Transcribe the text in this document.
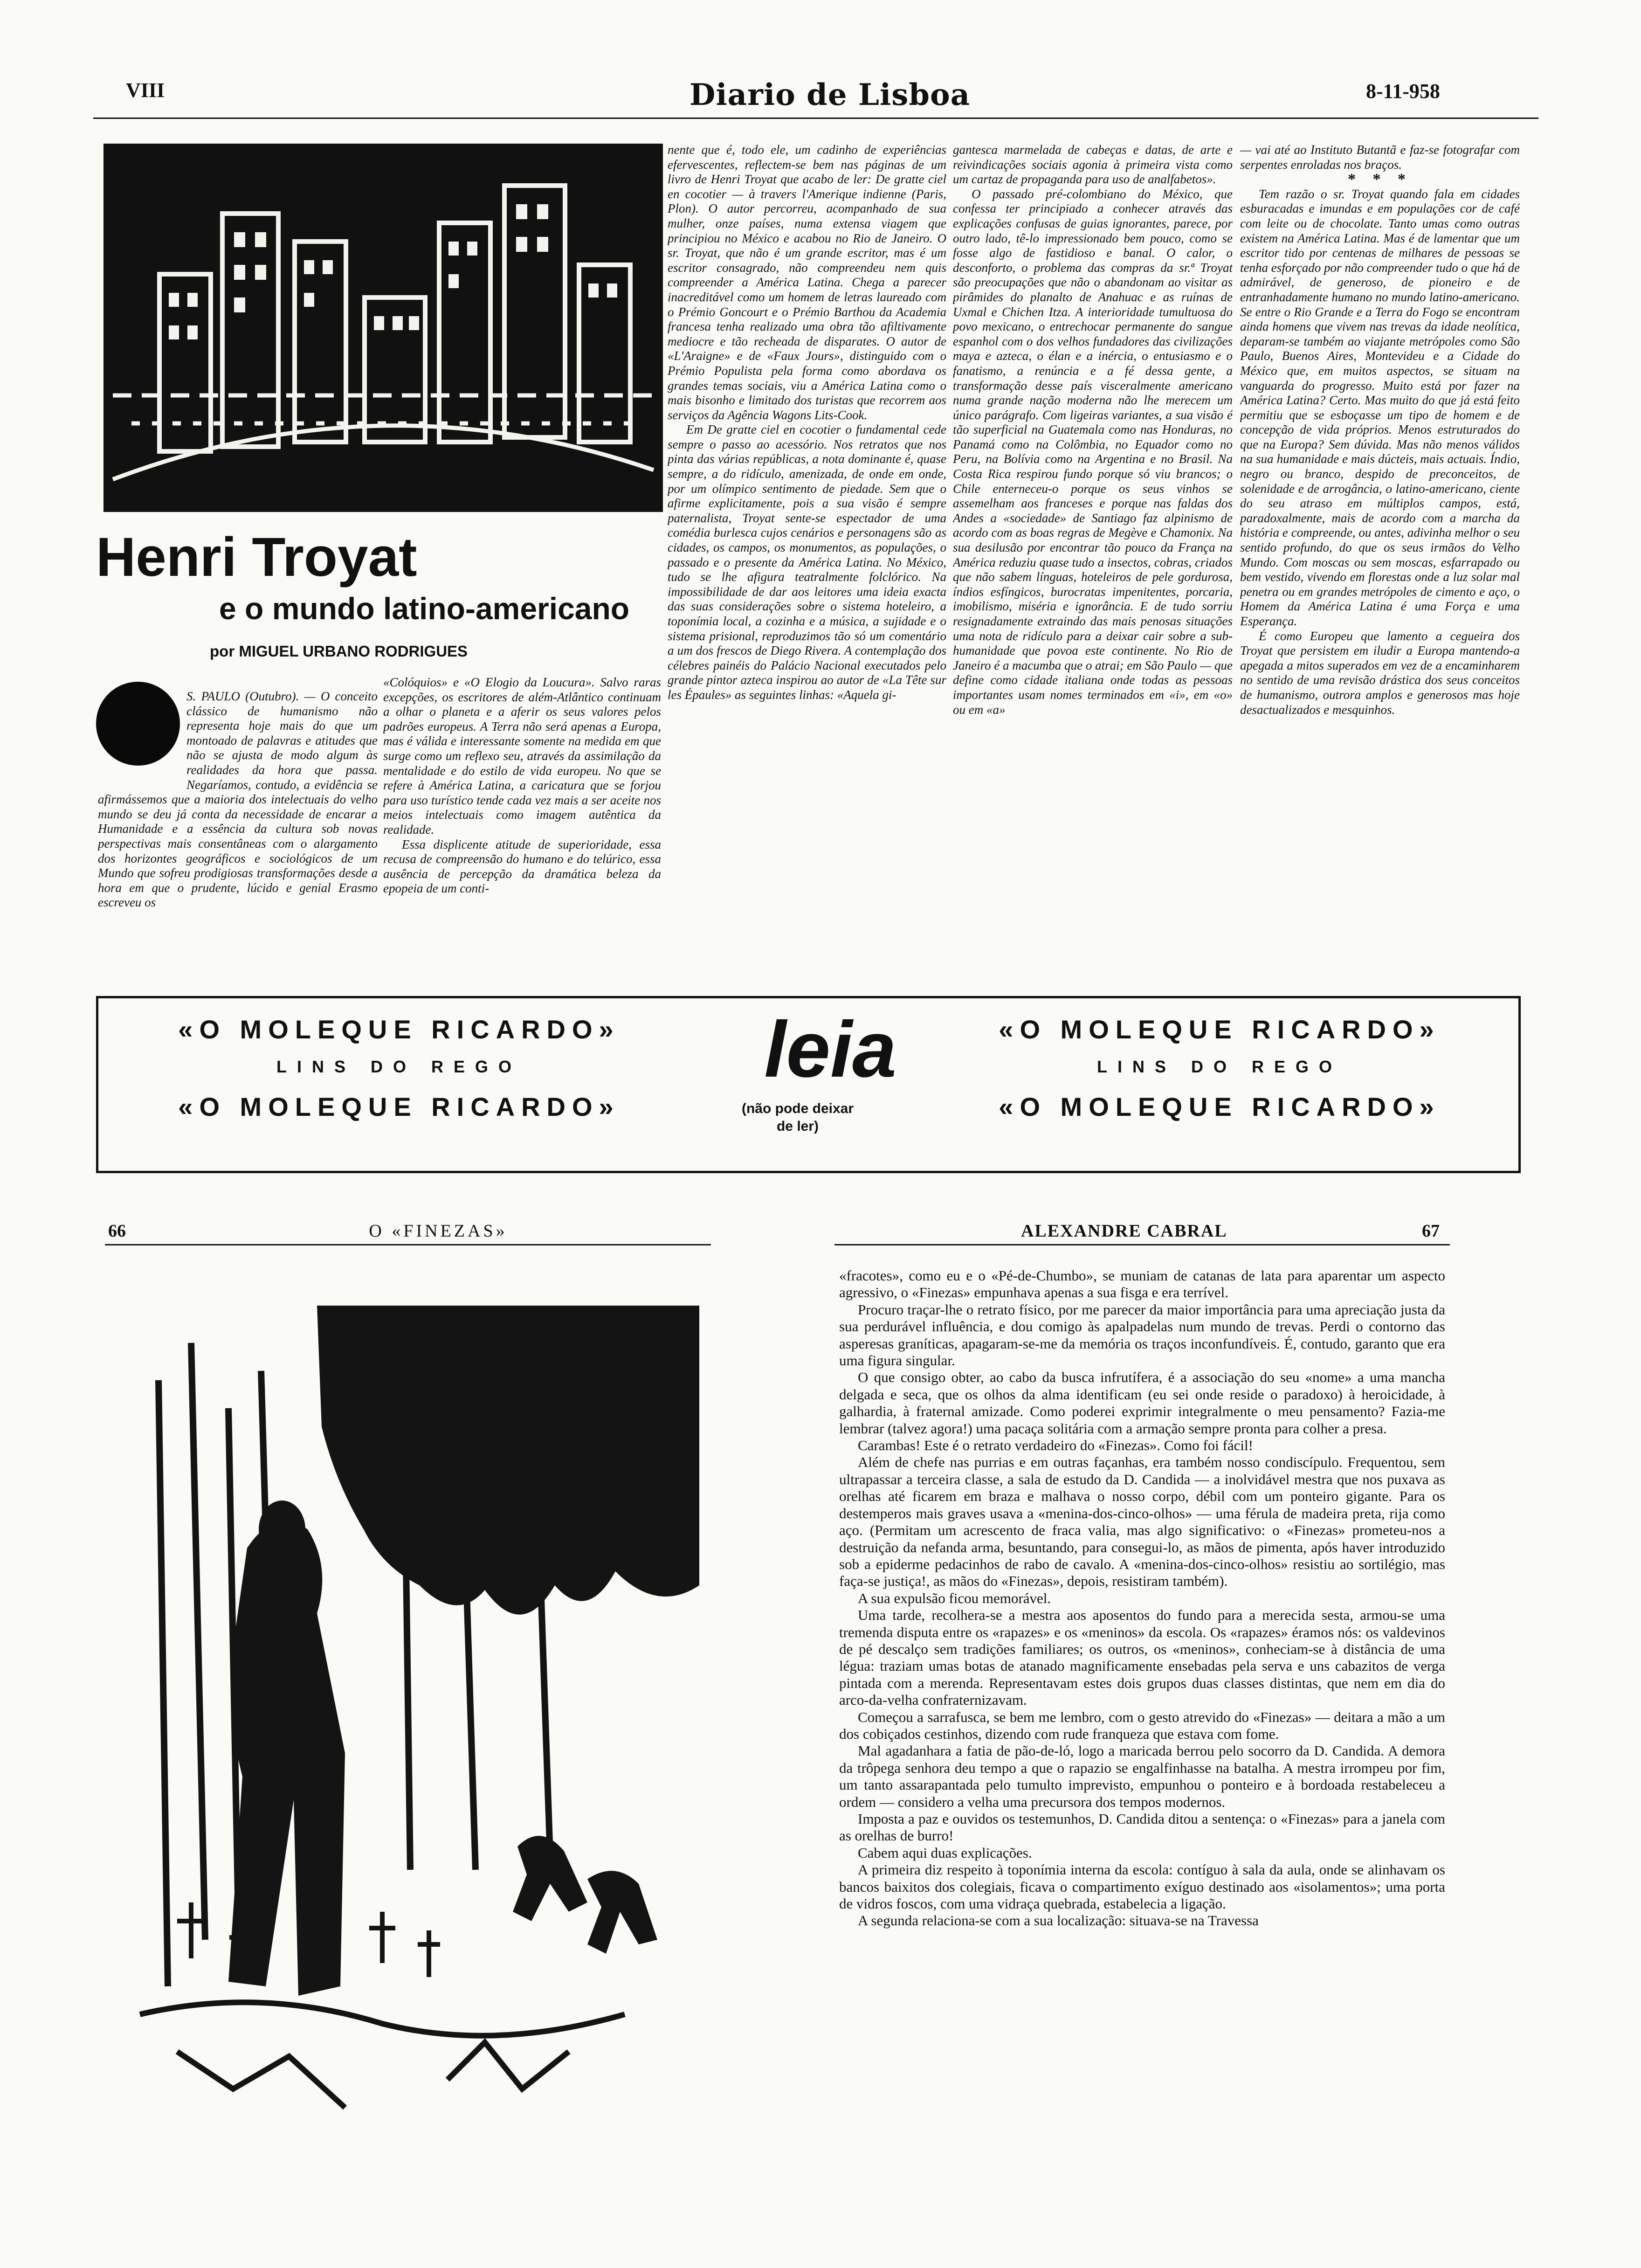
VIII	Diario de Lisboa	8-11-958
Henri Troyat
e o mundo latino-americano
por MIGUEL URBANO RODRIGUES

S. PAULO (Outubro). — O conceito clássico de humanismo não representa hoje mais do que um montoado de palavras e atitudes que não se ajusta de modo algum às realidades da hora que passa. Negaríamos, contudo, a evidência se afirmássemos que a maioria dos intelectuais do velho mundo se deu já conta da necessidade de encarar a Humanidade e a essência da cultura sob novas perspectivas mais consentâneas com o alargamento dos horizontes geográficos e sociológicos de um Mundo que sofreu prodigiosas transformações desde a hora em que o prudente, lúcido e genial Erasmo escreveu os

«Colóquios» e «O Elogio da Loucura». Salvo raras excepções, os escritores de além-Atlântico continuam a olhar o planeta e a aferir os seus valores pelos padrões europeus. A Terra não será apenas a Europa, mas é válida e interessante somente na medida em que surge como um reflexo seu, através da assimilação da mentalidade e do estilo de vida europeu. No que se refere à América Latina, a caricatura que se forjou para uso turístico tende cada vez mais a ser aceite nos meios intelectuais como imagem autêntica da realidade.

Essa displicente atitude de superioridade, essa recusa de compreensão do humano e do telúrico, essa ausência de percepção da dramática beleza da epopeia de um conti-

nente que é, todo ele, um cadinho de experiências efervescentes, reflectem-se bem nas páginas de um livro de Henri Troyat que acabo de ler: De gratte ciel en cocotier — à travers l'Amerique indienne (Paris, Plon). O autor percorreu, acompanhado de sua mulher, onze países, numa extensa viagem que principiou no México e acabou no Rio de Janeiro. O sr. Troyat, que não é um grande escritor, mas é um escritor consagrado, não compreendeu nem quis compreender a América Latina. Chega a parecer inacreditável como um homem de letras laureado com o Prémio Goncourt e o Prémio Barthou da Academia francesa tenha realizado uma obra tão afiltivamente mediocre e tão recheada de disparates. O autor de «L'Araigne» e de «Faux Jours», distinguido com o Prémio Populista pela forma como abordava os grandes temas sociais, viu a América Latina como o mais bisonho e limitado dos turistas que recorrem aos serviços da Agência Wagons Lits-Cook.

Em De gratte ciel en cocotier o fundamental cede sempre o passo ao acessório. Nos retratos que nos pinta das várias repúblicas, a nota dominante é, quase sempre, a do ridículo, amenizada, de onde em onde, por um olímpico sentimento de piedade. Sem que o afirme explicitamente, pois a sua visão é sempre paternalista, Troyat sente-se espectador de uma comédia burlesca cujos cenários e personagens são as cidades, os campos, os monumentos, as populações, o passado e o presente da América Latina. No México, tudo se lhe afigura teatralmente folclórico. Na impossibilidade de dar aos leitores uma ideia exacta das suas considerações sobre o sistema hoteleiro, a toponímia local, a cozinha e a música, a sujidade e o sistema prisional, reproduzimos tão só um comentário a um dos frescos de Diego Rivera. A contemplação dos célebres painéis do Palácio Nacional executados pelo grande pintor azteca inspirou ao autor de «La Tête sur les Épaules» as seguintes linhas: «Aquela gi-

gantesca marmelada de cabeças e datas, de arte e reivindicações sociais agonia à primeira vista como um cartaz de propaganda para uso de analfabetos».

O passado pré-colombiano do México, que confessa ter principiado a conhecer através das explicações confusas de guias ignorantes, parece, por outro lado, tê-lo impressionado bem pouco, como se fosse algo de fastidioso e banal. O calor, o desconforto, o problema das compras da sr.ª Troyat são preocupações que não o abandonam ao visitar as pirâmides do planalto de Anahuac e as ruínas de Uxmal e Chichen Itza. A interioridade tumultuosa do povo mexicano, o entrechocar permanente do sangue espanhol com o dos velhos fundadores das civilizações maya e azteca, o élan e a inércia, o entusiasmo e o fanatismo, a renúncia e a fé dessa gente, a transformação desse país visceralmente americano numa grande nação moderna não lhe merecem um único parágrafo. Com ligeiras variantes, a sua visão é tão superficial na Guatemala como nas Honduras, no Panamá como na Colômbia, no Equador como no Peru, na Bolívia como na Argentina e no Brasil. Na Costa Rica respirou fundo porque só viu brancos; o Chile enterneceu-o porque os seus vinhos se assemelham aos franceses e porque nas faldas dos Andes a «sociedade» de Santiago faz alpinismo de acordo com as boas regras de Megève e Chamonix. Na sua desilusão por encontrar tão pouco da França na América reduziu quase tudo a insectos, cobras, criados que não sabem línguas, hoteleiros de pele gordurosa, índios esfíngicos, burocratas impenitentes, porcaria, imobilismo, miséria e ignorância. E de tudo sorriu resignadamente extraindo das mais penosas situações uma nota de ridículo para a deixar cair sobre a sub-humanidade que povoa este continente. No Rio de Janeiro é a macumba que o atrai; em São Paulo — que define como cidade italiana onde todas as pessoas importantes usam nomes terminados em «i», em «o» ou em «a»

— vai até ao Instituto Butantã e faz-se fotografar com serpentes enroladas nos braços.

* * *

Tem razão o sr. Troyat quando fala em cidades esburacadas e imundas e em populações cor de café com leite ou de chocolate. Tanto umas como outras existem na América Latina. Mas é de lamentar que um escritor tido por centenas de milhares de pessoas se tenha esforçado por não compreender tudo o que há de admirável, de generoso, de pioneiro e de entranhadamente humano no mundo latino-americano. Se entre o Rio Grande e a Terra do Fogo se encontram ainda homens que vivem nas trevas da idade neolítica, deparam-se também ao viajante metrópoles como São Paulo, Buenos Aires, Montevideu e a Cidade do México que, em muitos aspectos, se situam na vanguarda do progresso. Muito está por fazer na América Latina? Certo. Mas muito do que já está feito permitiu que se esboçasse um tipo de homem e de concepção de vida próprios. Menos estruturados do que na Europa? Sem dúvida. Mas não menos válidos na sua humanidade e mais dúcteis, mais actuais. Índio, negro ou branco, despido de preconceitos, de solenidade e de arrogância, o latino-americano, ciente do seu atraso em múltiplos campos, está, paradoxalmente, mais de acordo com a marcha da história e compreende, ou antes, adivinha melhor o seu sentido profundo, do que os seus irmãos do Velho Mundo. Com moscas ou sem moscas, esfarrapado ou bem vestido, vivendo em florestas onde a luz solar mal penetra ou em grandes metrópoles de cimento e aço, o Homem da América Latina é uma Força e uma Esperança.

É como Europeu que lamento a cegueira dos Troyat que persistem em iludir a Europa mantendo-a apegada a mitos superados em vez de a encaminharem no sentido de uma revisão drástica dos seus conceitos de humanismo, outrora amplos e generosos mas hoje desactualizados e mesquinhos.

«O MOLEQUE RICARDO»
LINS DO REGO
«O MOLEQUE RICARDO»
leia
(não pode deixar de ler)
«O MOLEQUE RICARDO»
LINS DO REGO
«O MOLEQUE RICARDO»
66	O «FINEZAS»	ALEXANDRE CABRAL	67

«fracotes», como eu e o «Pé-de-Chumbo», se muniam de catanas de lata para aparentar um aspecto agressivo, o «Finezas» empunhava apenas a sua fisga e era terrível.

Procuro traçar-lhe o retrato físico, por me parecer da maior importância para uma apreciação justa da sua perdurável influência, e dou comigo às apalpadelas num mundo de trevas. Perdi o contorno das asperesas graníticas, apagaram-se-me da memória os traços inconfundíveis. É, contudo, garanto que era uma figura singular.

O que consigo obter, ao cabo da busca infrutífera, é a associação do seu «nome» a uma mancha delgada e seca, que os olhos da alma identificam (eu sei onde reside o paradoxo) à heroicidade, à galhardia, à fraternal amizade. Como poderei exprimir integralmente o meu pensamento? Fazia-me lembrar (talvez agora!) uma pacaça solitária com a armação sempre pronta para colher a presa.

Carambas! Este é o retrato verdadeiro do «Finezas». Como foi fácil!

Além de chefe nas purrias e em outras façanhas, era também nosso condiscípulo. Frequentou, sem ultrapassar a terceira classe, a sala de estudo da D. Candida — a inolvidável mestra que nos puxava as orelhas até ficarem em braza e malhava o nosso corpo, débil com um ponteiro gigante. Para os destemperos mais graves usava a «menina-dos-cinco-olhos» — uma férula de madeira preta, rija como aço. (Permitam um acrescento de fraca valia, mas algo significativo: o «Finezas» prometeu-nos a destruição da nefanda arma, besuntando, para consegui-lo, as mãos de pimenta, após haver introduzido sob a epiderme pedacinhos de rabo de cavalo. A «menina-dos-cinco-olhos» resistiu ao sortilégio, mas faça-se justiça!, as mãos do «Finezas», depois, resistiram também).

A sua expulsão ficou memorável.

Uma tarde, recolhera-se a mestra aos aposentos do fundo para a merecida sesta, armou-se uma tremenda disputa entre os «rapazes» e os «meninos» da escola. Os «rapazes» éramos nós: os valdevinos de pé descalço sem tradições familiares; os outros, os «meninos», conheciam-se à distância de uma légua: traziam umas botas de atanado magnificamente ensebadas pela serva e uns cabazitos de verga pintada com a merenda. Representavam estes dois grupos duas classes distintas, que nem em dia do arco-da-velha confraternizavam.

Começou a sarrafusca, se bem me lembro, com o gesto atrevido do «Finezas» — deitara a mão a um dos cobiçados cestinhos, dizendo com rude franqueza que estava com fome.

Mal agadanhara a fatia de pão-de-ló, logo a maricada berrou pelo socorro da D. Candida. A demora da trôpega senhora deu tempo a que o rapazio se engalfinhasse na batalha. A mestra irrompeu por fim, um tanto assarapantada pelo tumulto imprevisto, empunhou o ponteiro e à bordoada restabeleceu a ordem — considero a velha uma precursora dos tempos modernos.

Imposta a paz e ouvidos os testemunhos, D. Candida ditou a sentença: o «Finezas» para a janela com as orelhas de burro!

Cabem aqui duas explicações.

A primeira diz respeito à toponímia interna da escola: contíguo à sala da aula, onde se alinhavam os bancos baixitos dos colegiais, ficava o compartimento exíguo destinado aos «isolamentos»; uma porta de vidros foscos, com uma vidraça quebrada, estabelecia a ligação.

A segunda relaciona-se com a sua localização: situava-se na Travessa
